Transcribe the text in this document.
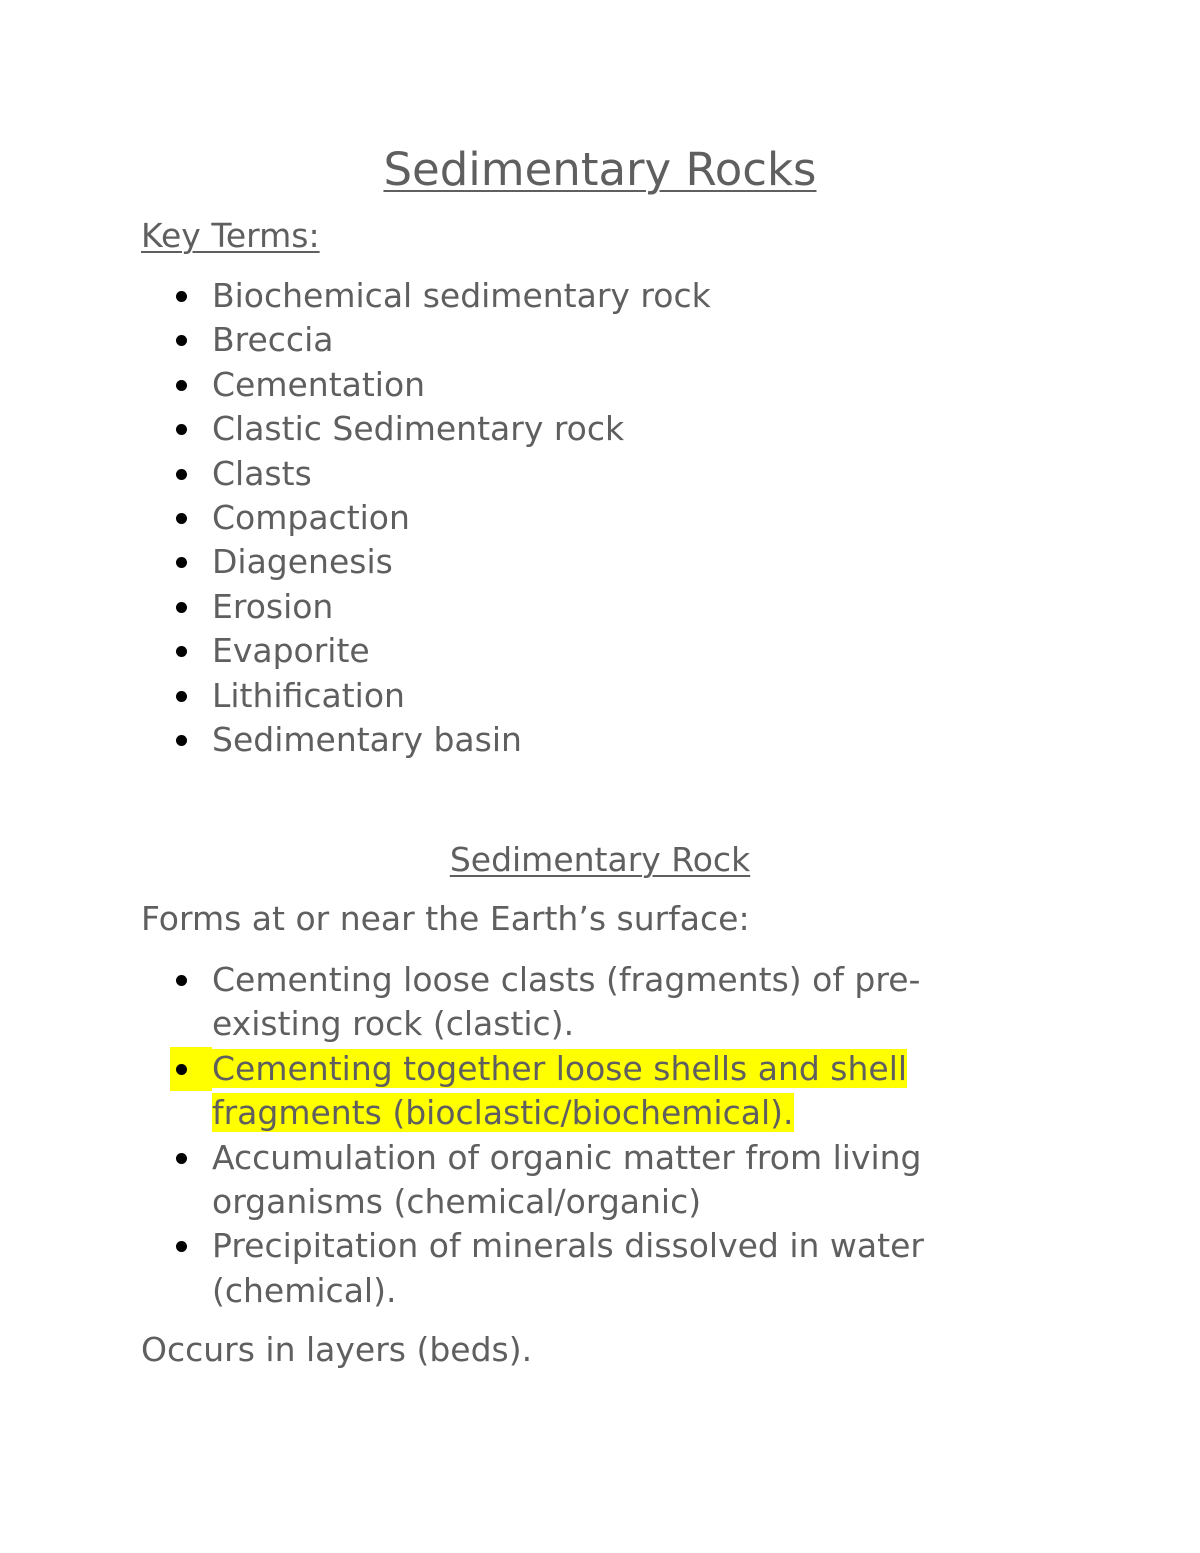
Sedimentary Rocks

Key Terms:

Biochemical sedimentary rock
Breccia
Cementation
Clastic Sedimentary rock
Clasts
Compaction
Diagenesis
Erosion
Evaporite
Lithification
Sedimentary basin
Sedimentary Rock

Forms at or near the Earth’s surface:

Cementing loose clasts (fragments) of pre-existing rock (clastic).
Cementing together loose shells and shell fragments (bioclastic/biochemical).
Accumulation of organic matter from living organisms (chemical/organic)
Precipitation of minerals dissolved in water (chemical).

Occurs in layers (beds).
